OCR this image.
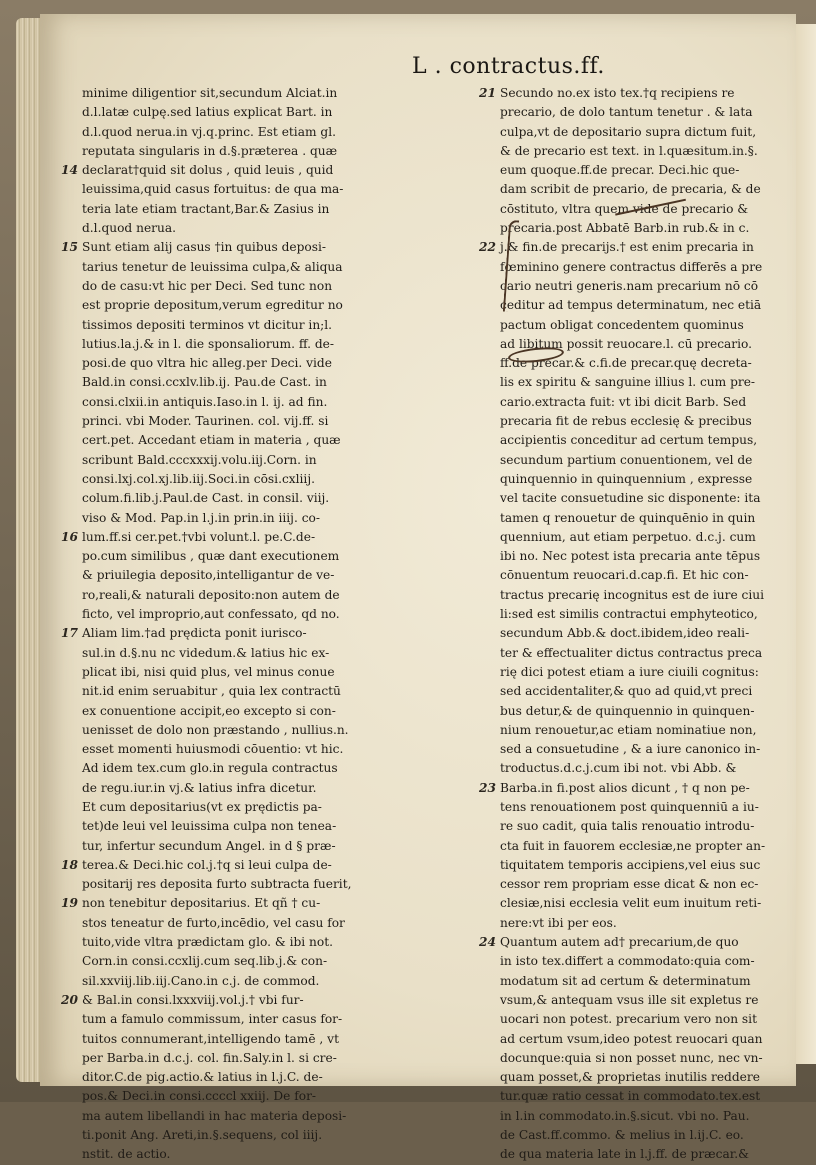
L . contractus.ff.
minime diligentior sit,secundum Alciat.in
d.l.latæ culpę.sed latius explicat Bart. in
d.l.quod nerua.in vj.q.princ. Est etiam gl.
reputata singularis in d.§.præterea . quæ
14 declarat†quid sit dolus , quid leuis , quid
leuissima,quid casus fortuitus: de qua ma-
teria late etiam tractant,Bar.& Zasius in
d.l.quod nerua.
15 Sunt etiam alij casus †in quibus deposi-
tarius tenetur de leuissima culpa,& aliqua
do de casu:vt hic per Deci. Sed tunc non
est proprie depositum,verum egreditur no
tissimos depositi terminos vt dicitur in;l.
lutius.la.j.& in l. die sponsaliorum. ff. de-
posi.de quo vltra hic alleg.per Deci. vide
Bald.in consi.ccxlv.lib.ij. Pau.de Cast. in
consi.clxii.in antiquis.Iaso.in l. ij. ad fin.
princi. vbi Moder. Taurinen. col. vij.ff. si
cert.pet. Accedant etiam in materia , quæ
scribunt Bald.cccxxxij.volu.iij.Corn. in
consi.lxj.col.xj.lib.iij.Soci.in cōsi.cxliij.
colum.fi.lib.j.Paul.de Cast. in consil. viij.
viso & Mod. Pap.in l.j.in prin.in iiij. co-
16 lum.ff.si cer.pet.†vbi volunt.l. pe.C.de-
po.cum similibus , quæ dant executionem
& priuilegia deposito,intelligantur de ve-
ro,reali,& naturali deposito:non autem de
ficto, vel improprio,aut confessato, qd no.
17 Aliam lim.†ad prędicta ponit iurisco-
sul.in d.§.nu nc videdum.& latius hic ex-
plicat ibi, nisi quid plus, vel minus conue
nit.id enim seruabitur , quia lex contractū
ex conuentione accipit,eo excepto si con-
uenisset de dolo non præstando , nullius.n.
esset momenti huiusmodi cōuentio: vt hic.
Ad idem tex.cum glo.in regula contractus
de regu.iur.in vj.& latius infra dicetur.
Et cum depositarius(vt ex prędictis pa-
tet)de leui vel leuissima culpa non tenea-
tur, infertur secundum Angel. in d § præ-
18 terea.& Deci.hic col.j.†q si leui culpa de-
positarij res deposita furto subtracta fuerit,
19 non tenebitur depositarius. Et qñ † cu-
stos teneatur de furto,incēdio, vel casu for
tuito,vide vltra prædictam glo. & ibi not.
Corn.in consi.ccxlij.cum seq.lib.j.& con-
sil.xxviij.lib.iij.Cano.in c.j. de commod.
20 & Bal.in consi.lxxxviij.vol.j.† vbi fur-
tum a famulo commissum, inter casus for-
tuitos connumerant,intelligendo tamē , vt
per Barba.in d.c.j. col. fin.Saly.in l. si cre-
ditor.C.de pig.actio.& latius in l.j.C. de-
pos.& Deci.in consi.ccccl xxiij. De for-
ma autem libellandi in hac materia deposi-
ti.ponit Ang. Areti,in.§.sequens, col iiij.
nstit. de actio.
21 Secundo no.ex isto tex.†q recipiens re
precario, de dolo tantum tenetur . & lata
culpa,vt de depositario supra dictum fuit,
& de precario est text. in l.quæsitum.in.§.
eum quoque.ff.de precar. Deci.hic que-
dam scribit de precario, de precaria, & de
cōstituto, vltra quem vide de precario &
precaria.post Abbatē Barb.in rub.& in c.
22 j.& fin.de precarijs.† est enim precaria in
fœminino genere contractus differēs a pre
cario neutri generis.nam precarium nō cō
ceditur ad tempus determinatum, nec etiā
pactum obligat concedentem quominus
ad libitum possit reuocare.l. cū precario.
ff.de precar.& c.fi.de precar.quę decreta-
lis ex spiritu & sanguine illius l. cum pre-
cario.extracta fuit: vt ibi dicit Barb. Sed
precaria fit de rebus ecclesię & precibus
accipientis conceditur ad certum tempus,
secundum partium conuentionem, vel de
quinquennio in quinquennium , expresse
vel tacite consuetudine sic disponente: ita
tamen q renouetur de quinquēnio in quin
quennium, aut etiam perpetuo. d.c.j. cum
ibi no. Nec potest ista precaria ante tēpus
cōnuentum reuocari.d.cap.fi. Et hic con-
tractus precarię incognitus est de iure ciui
li:sed est similis contractui emphyteotico,
secundum Abb.& doct.ibidem,ideo reali-
ter & effectualiter dictus contractus preca
rię dici potest etiam a iure ciuili cognitus:
sed accidentaliter,& quo ad quid,vt preci
bus detur,& de quinquennio in quinquen-
nium renouetur,ac etiam nominatiue non,
sed a consuetudine , & a iure canonico in-
troductus.d.c.j.cum ibi not. vbi Abb. &
23 Barba.in fi.post alios dicunt , † q non pe-
tens renouationem post quinquenniū a iu-
re suo cadit, quia talis renouatio introdu-
cta fuit in fauorem ecclesiæ,ne propter an-
tiquitatem temporis accipiens,vel eius suc
cessor rem propriam esse dicat & non ec-
clesiæ,nisi ecclesia velit eum inuitum reti-
nere:vt ibi per eos.
24 Quantum autem ad† precarium,de quo
in isto tex.differt a commodato:quia com-
modatum sit ad certum & determinatum
vsum,& antequam vsus ille sit expletus re
uocari non potest. precarium vero non sit
ad certum vsum,ideo potest reuocari quan
docunque:quia si non posset nunc, nec vn-
quam posset,& proprietas inutilis reddere
tur.quæ ratio cessat in commodato.tex.est
in l.in commodato.in.§.sicut. vbi no. Pau.
de Cast.ff.commo. & melius in l.ij.C. eo.
de qua materia late in l.j.ff. de præcar.&
